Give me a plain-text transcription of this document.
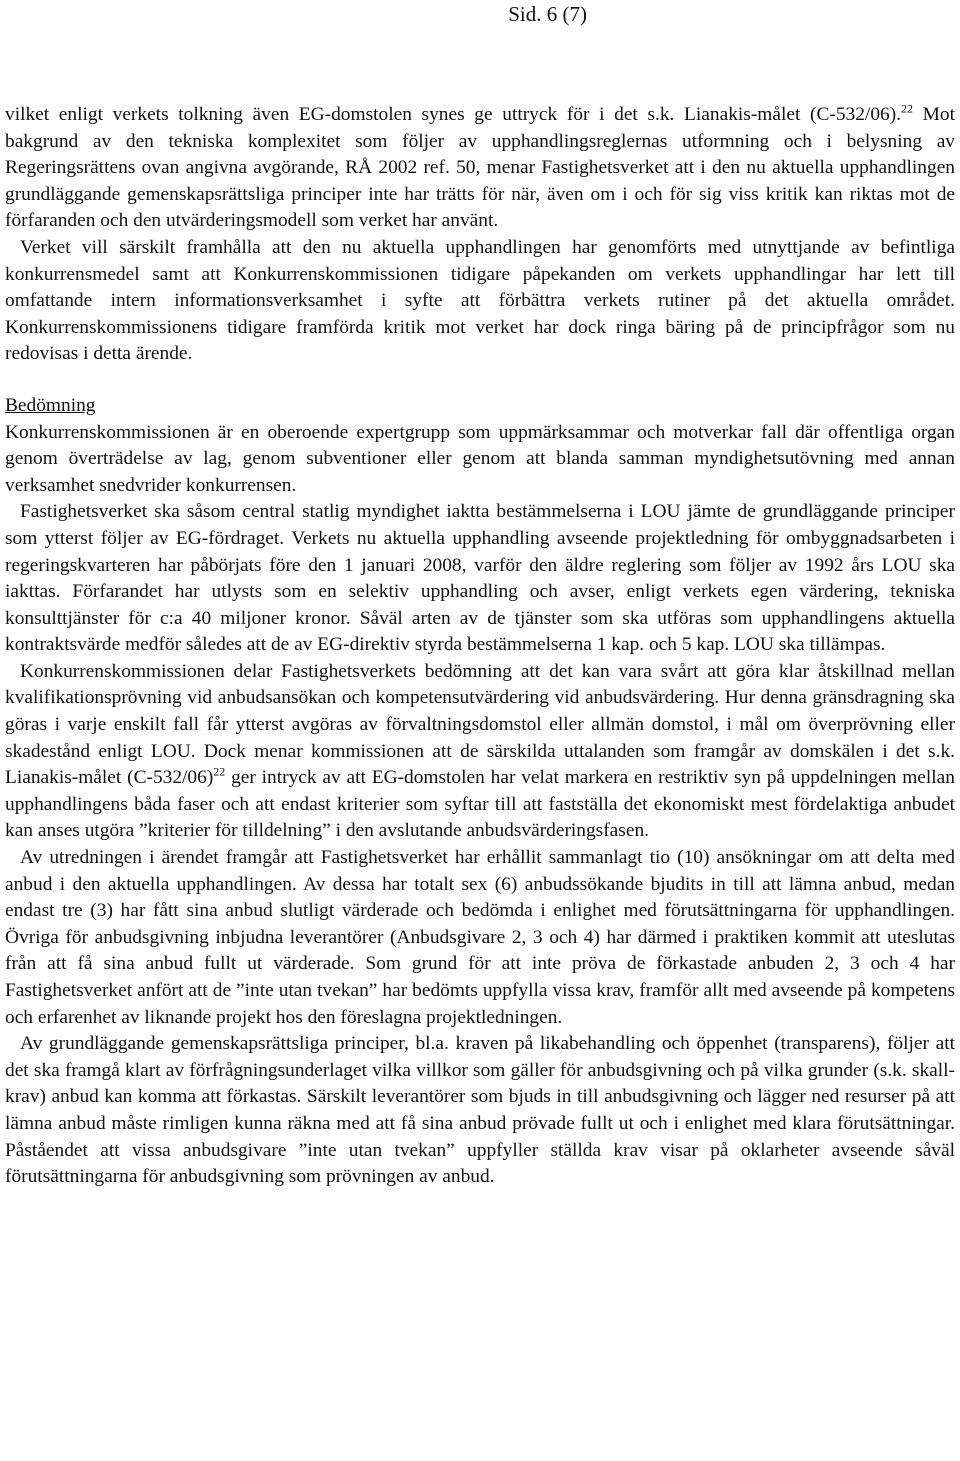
Sid. 6 (7)

vilket enligt verkets tolkning även EG-domstolen synes ge uttryck för i det s.k. Lianakis-målet (C-532/06).$^{22}$ Mot bakgrund av den tekniska komplexitet som följer av upphandlingsreglernas utformning och i belysning av Regeringsrättens ovan angivna avgörande, RÅ 2002 ref. 50, menar Fastighetsverket att i den nu aktuella upphandlingen grundläggande gemenskapsrättsliga principer inte har trätts för när, även om i och för sig viss kritik kan riktas mot de förfaranden och den utvärderingsmodell som verket har använt.

Verket vill särskilt framhålla att den nu aktuella upphandlingen har genomförts med utnyttjande av befintliga konkurrensmedel samt att Konkurrenskommissionen tidigare påpekanden om verkets upphandlingar har lett till omfattande intern informationsverksamhet i syfte att förbättra verkets rutiner på det aktuella området. Konkurrenskommissionens tidigare framförda kritik mot verket har dock ringa bäring på de principfrågor som nu redovisas i detta ärende.

Bedömning

Konkurrenskommissionen är en oberoende expertgrupp som uppmärksammar och motverkar fall där offentliga organ genom överträdelse av lag, genom subventioner eller genom att blanda samman myndighetsutövning med annan verksamhet snedvrider konkurrensen.

Fastighetsverket ska såsom central statlig myndighet iaktta bestämmelserna i LOU jämte de grundläggande principer som ytterst följer av EG-fördraget. Verkets nu aktuella upphandling avseende projektledning för ombyggnadsarbeten i regeringskvarteren har påbörjats före den 1 januari 2008, varför den äldre reglering som följer av 1992 års LOU ska iakttas. Förfarandet har utlysts som en selektiv upphandling och avser, enligt verkets egen värdering, tekniska konsulttjänster för c:a 40 miljoner kronor. Såväl arten av de tjänster som ska utföras som upphandlingens aktuella kontraktsvärde medför således att de av EG-direktiv styrda bestämmelserna 1 kap. och 5 kap. LOU ska tillämpas.

Konkurrenskommissionen delar Fastighetsverkets bedömning att det kan vara svårt att göra klar åtskillnad mellan kvalifikationsprövning vid anbudsansökan och kompetensutvärdering vid anbudsvärdering. Hur denna gränsdragning ska göras i varje enskilt fall får ytterst avgöras av förvaltningsdomstol eller allmän domstol, i mål om överprövning eller skadestånd enligt LOU. Dock menar kommissionen att de särskilda uttalanden som framgår av domskälen i det s.k. Lianakis-målet $(C-532/06)^{22}$ ger intryck av att EG-domstolen har velat markera en restriktiv syn på uppdelningen mellan upphandlingens båda faser och att endast kriterier som syftar till att fastställa det ekonomiskt mest fördelaktiga anbudet kan anses utgöra ”kriterier för tilldelning” i den avslutande anbudsvärderingsfasen.

Av utredningen i ärendet framgår att Fastighetsverket har erhållit sammanlagt tio (10) ansökningar om att delta med anbud i den aktuella upphandlingen. Av dessa har totalt sex (6) anbudssökande bjudits in till att lämna anbud, medan endast tre (3) har fått sina anbud slutligt värderade och bedömda i enlighet med förutsättningarna för upphandlingen. Övriga för anbudsgivning inbjudna leverantörer (Anbudsgivare 2, 3 och 4) har därmed i praktiken kommit att uteslutas från att få sina anbud fullt ut värderade. Som grund för att inte pröva de förkastade anbuden 2, 3 och 4 har Fastighetsverket anfört att de ”inte utan tvekan” har bedömts uppfylla vissa krav, framför allt med avseende på kompetens och erfarenhet av liknande projekt hos den föreslagna projektledningen.

Av grundläggande gemenskapsrättsliga principer, bl.a. kraven på likabehandling och öppenhet (transparens), följer att det ska framgå klart av förfrågningsunderlaget vilka villkor som gäller för anbudsgivning och på vilka grunder (s.k. skall-krav) anbud kan komma att förkastas. Särskilt leverantörer som bjuds in till anbudsgivning och lägger ned resurser på att lämna anbud måste rimligen kunna räkna med att få sina anbud prövade fullt ut och i enlighet med klara förutsättningar. Påståendet att vissa anbudsgivare ”inte utan tvekan” uppfyller ställda krav visar på oklarheter avseende såväl förutsättningarna för anbudsgivning som prövningen av anbud.
